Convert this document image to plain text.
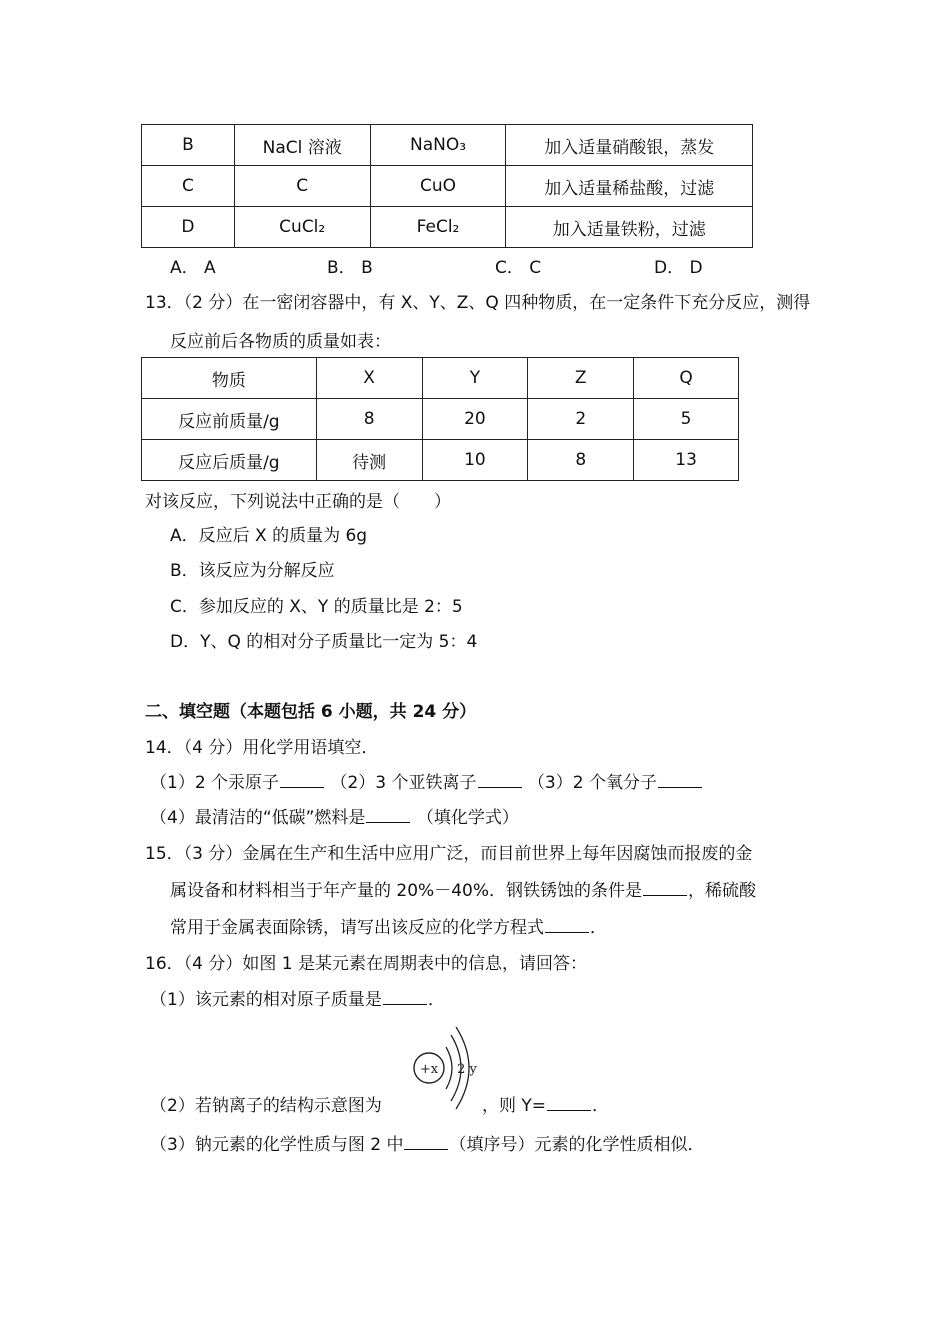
B	NaCl 溶液	NaNO₃	加入适量硝酸银，蒸发
C	C	CuO	加入适量稀盐酸，过滤
D	CuCl₂	FeCl₂	加入适量铁粉，过滤
A． A	B． B	C． C	D． D
13．（2 分）在一密闭容器中，有 X、Y、Z、Q 四种物质，在一定条件下充分反应，测得
反应前后各物质的质量如表：
物质	X	Y	Z	Q
反应前质量/g	8	20	2	5
反应后质量/g	待测	10	8	13
对该反应，下列说法中正确的是（　　）
A．反应后 X 的质量为 6g
B．该反应为分解反应
C．参加反应的 X、Y 的质量比是 2：5
D．Y、Q 的相对分子质量比一定为 5：4
二、填空题（本题包括 6 小题，共 24 分）
14．（4 分）用化学用语填空．
（1）2 个汞原子	（2）3 个亚铁离子	（3）2 个氧分子
（4）最清洁的“低碳”燃料是	（填化学式）
15．（3 分）金属在生产和生活中应用广泛，而目前世界上每年因腐蚀而报废的金
属设备和材料相当于年产量的 20%－40%．钢铁锈蚀的条件是	，稀硫酸
常用于金属表面除锈，请写出该反应的化学方程式	．
16．（4 分）如图 1 是某元素在周期表中的信息，请回答：
（1）该元素的相对原子质量是	．
+x 2 y
（2）若钠离子的结构示意图为	，则 Y=	．
（3）钠元素的化学性质与图 2 中	（填序号）元素的化学性质相似．
